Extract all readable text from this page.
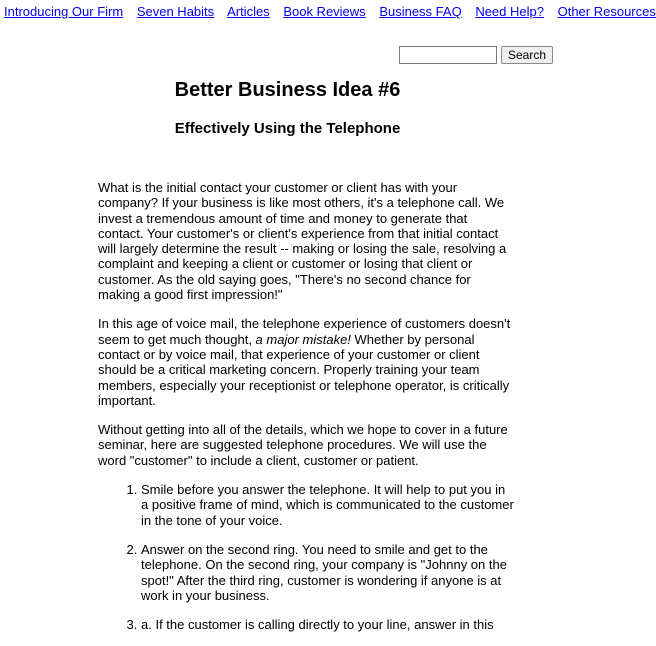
Introducing Our Firm Seven Habits Articles Book Reviews Business FAQ Need Help? Other Resources
Search
Better Business Idea #6
Effectively Using the Telephone

What is the initial contact your customer or client has with your company? If your business is like most others, it's a telephone call. We invest a tremendous amount of time and money to generate that contact. Your customer's or client's experience from that initial contact will largely determine the result -- making or losing the sale, resolving a complaint and keeping a client or customer or losing that client or customer. As the old saying goes, "There's no second chance for making a good first impression!"

In this age of voice mail, the telephone experience of customers doesn't seem to get much thought, a major mistake! Whether by personal contact or by voice mail, that experience of your customer or client should be a critical marketing concern. Properly training your team members, especially your receptionist or telephone operator, is critically important.

Without getting into all of the details, which we hope to cover in a future seminar, here are suggested telephone procedures. We will use the word "customer" to include a client, customer or patient.

1. Smile before you answer the telephone. It will help to put you in a positive frame of mind, which is communicated to the customer in the tone of your voice.
2. Answer on the second ring. You need to smile and get to the telephone. On the second ring, your company is "Johnny on the spot!" After the third ring, customer is wondering if anyone is at work in your business.
3. a. If the customer is calling directly to your line, answer in this
